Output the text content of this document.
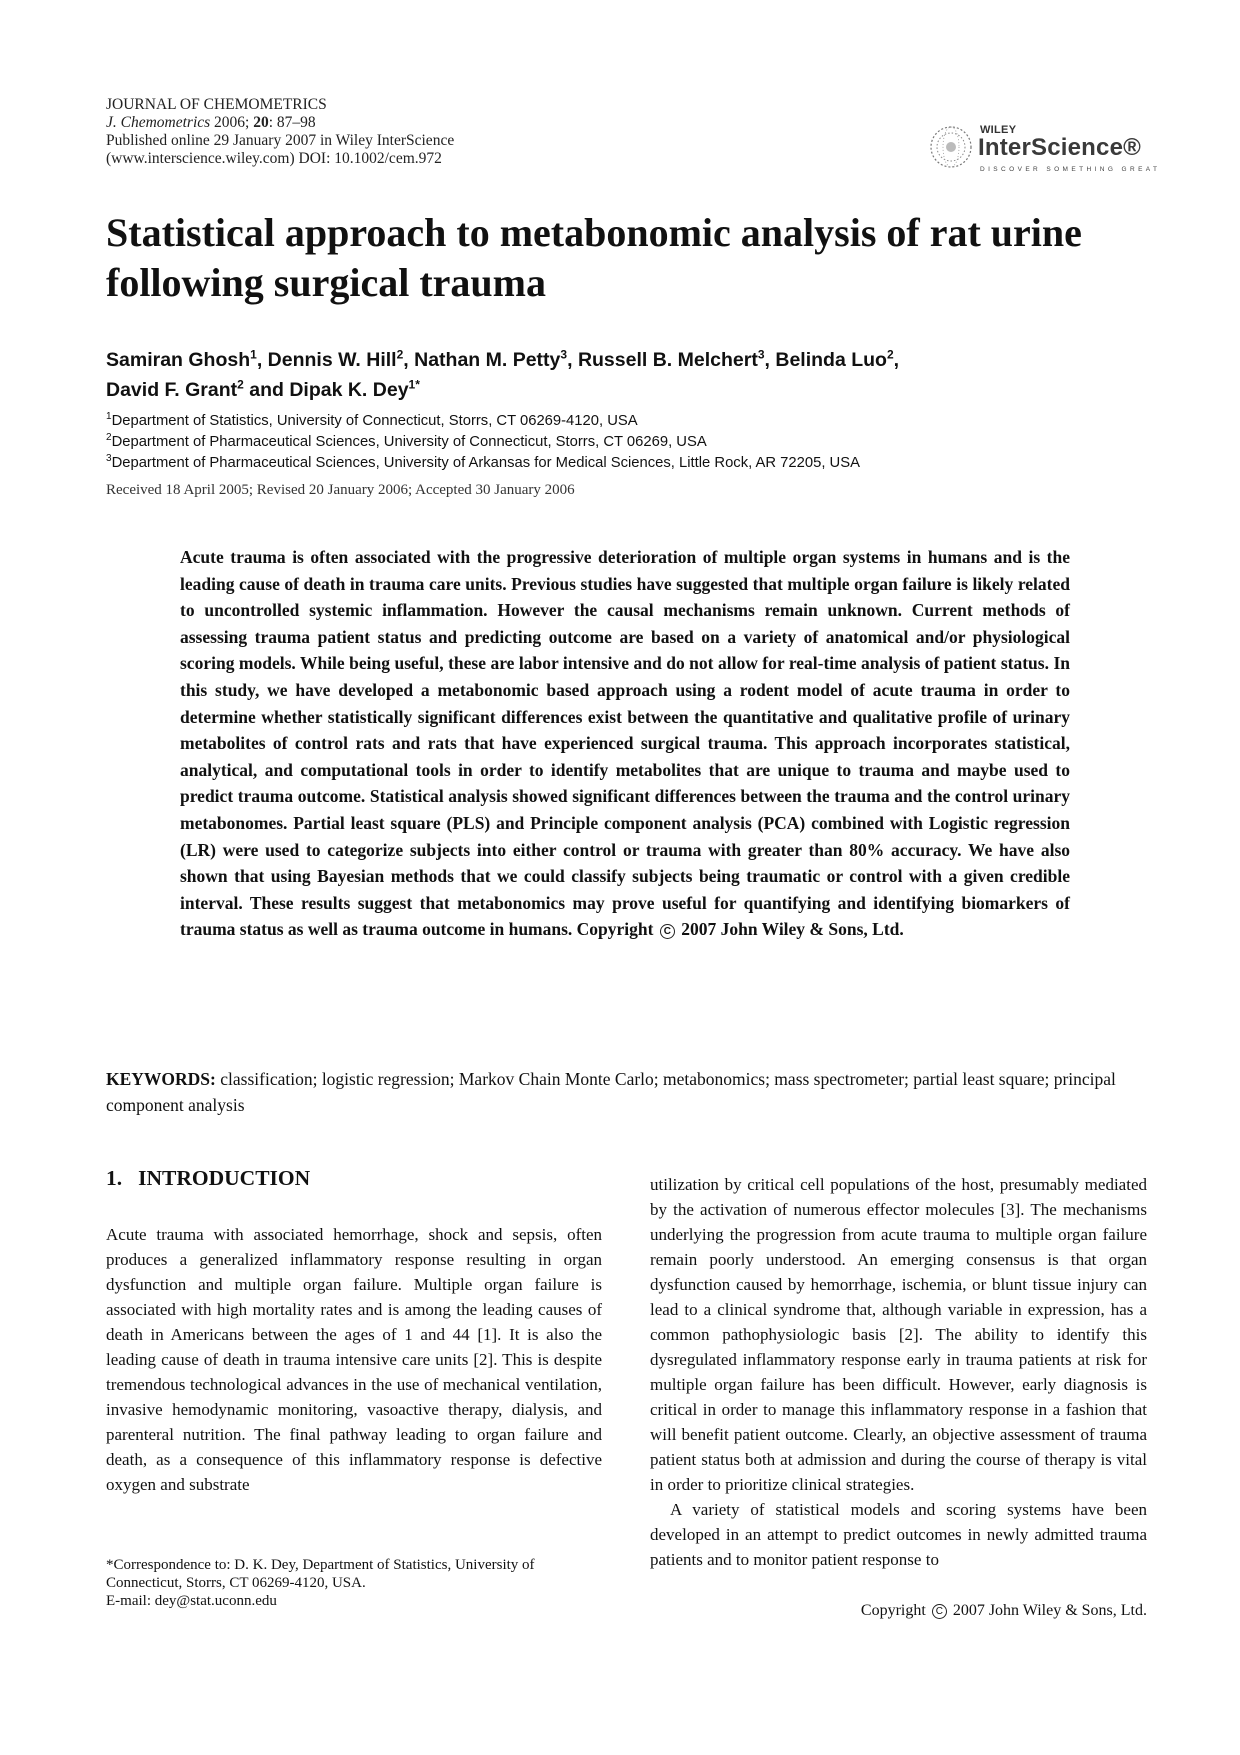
JOURNAL OF CHEMOMETRICS
J. Chemometrics 2006; 20: 87–98
Published online 29 January 2007 in Wiley InterScience
(www.interscience.wiley.com) DOI: 10.1002/cem.972
WILEY
InterScience®
DISCOVER SOMETHING GREAT
Statistical approach to metabonomic analysis of rat urine following surgical trauma
Samiran Ghosh$^1$, Dennis W. Hill$^2$, Nathan M. Petty$^3$, Russell B. Melchert$^3$, Belinda Luo$^2$,
David F. Grant$^2$ and Dipak K. Dey$^{1*}$
$^1$Department of Statistics, University of Connecticut, Storrs, CT 06269-4120, USA
$^2$Department of Pharmaceutical Sciences, University of Connecticut, Storrs, CT 06269, USA
$^3$Department of Pharmaceutical Sciences, University of Arkansas for Medical Sciences, Little Rock, AR 72205, USA
Received 18 April 2005; Revised 20 January 2006; Accepted 30 January 2006
Acute trauma is often associated with the progressive deterioration of multiple organ systems in humans and is the leading cause of death in trauma care units. Previous studies have suggested that multiple organ failure is likely related to uncontrolled systemic inflammation. However the causal mechanisms remain unknown. Current methods of assessing trauma patient status and predicting outcome are based on a variety of anatomical and/or physiological scoring models. While being useful, these are labor intensive and do not allow for real-time analysis of patient status. In this study, we have developed a metabonomic based approach using a rodent model of acute trauma in order to determine whether statistically significant differences exist between the quantitative and qualitative profile of urinary metabolites of control rats and rats that have experienced surgical trauma. This approach incorporates statistical, analytical, and computational tools in order to identify metabolites that are unique to trauma and maybe used to predict trauma outcome. Statistical analysis showed significant differences between the trauma and the control urinary metabonomes. Partial least square (PLS) and Principle component analysis (PCA) combined with Logistic regression (LR) were used to categorize subjects into either control or trauma with greater than 80% accuracy. We have also shown that using Bayesian methods that we could classify subjects being traumatic or control with a given credible interval. These results suggest that metabonomics may prove useful for quantifying and identifying biomarkers of trauma status as well as trauma outcome in humans. Copyright C 2007 John Wiley & Sons, Ltd.
KEYWORDS: classification; logistic regression; Markov Chain Monte Carlo; metabonomics; mass spectrometer; partial least square; principal component analysis
1. INTRODUCTION

Acute trauma with associated hemorrhage, shock and sepsis, often produces a generalized inflammatory response resulting in organ dysfunction and multiple organ failure. Multiple organ failure is associated with high mortality rates and is among the leading causes of death in Americans between the ages of 1 and 44 [1]. It is also the leading cause of death in trauma intensive care units [2]. This is despite tremendous technological advances in the use of mechanical ventilation, invasive hemodynamic monitoring, vasoactive therapy, dialysis, and parenteral nutrition. The final pathway leading to organ failure and death, as a consequence of this inflammatory response is defective oxygen and substrate

utilization by critical cell populations of the host, presumably mediated by the activation of numerous effector molecules [3]. The mechanisms underlying the progression from acute trauma to multiple organ failure remain poorly understood. An emerging consensus is that organ dysfunction caused by hemorrhage, ischemia, or blunt tissue injury can lead to a clinical syndrome that, although variable in expression, has a common pathophysiologic basis [2]. The ability to identify this dysregulated inflammatory response early in trauma patients at risk for multiple organ failure has been difficult. However, early diagnosis is critical in order to manage this inflammatory response in a fashion that will benefit patient outcome. Clearly, an objective assessment of trauma patient status both at admission and during the course of therapy is vital in order to prioritize clinical strategies.

A variety of statistical models and scoring systems have been developed in an attempt to predict outcomes in newly admitted trauma patients and to monitor patient response to

*Correspondence to: D. K. Dey, Department of Statistics, University of Connecticut, Storrs, CT 06269-4120, USA.

E-mail: dey@stat.uconn.edu

Copyright C 2007 John Wiley & Sons, Ltd.
